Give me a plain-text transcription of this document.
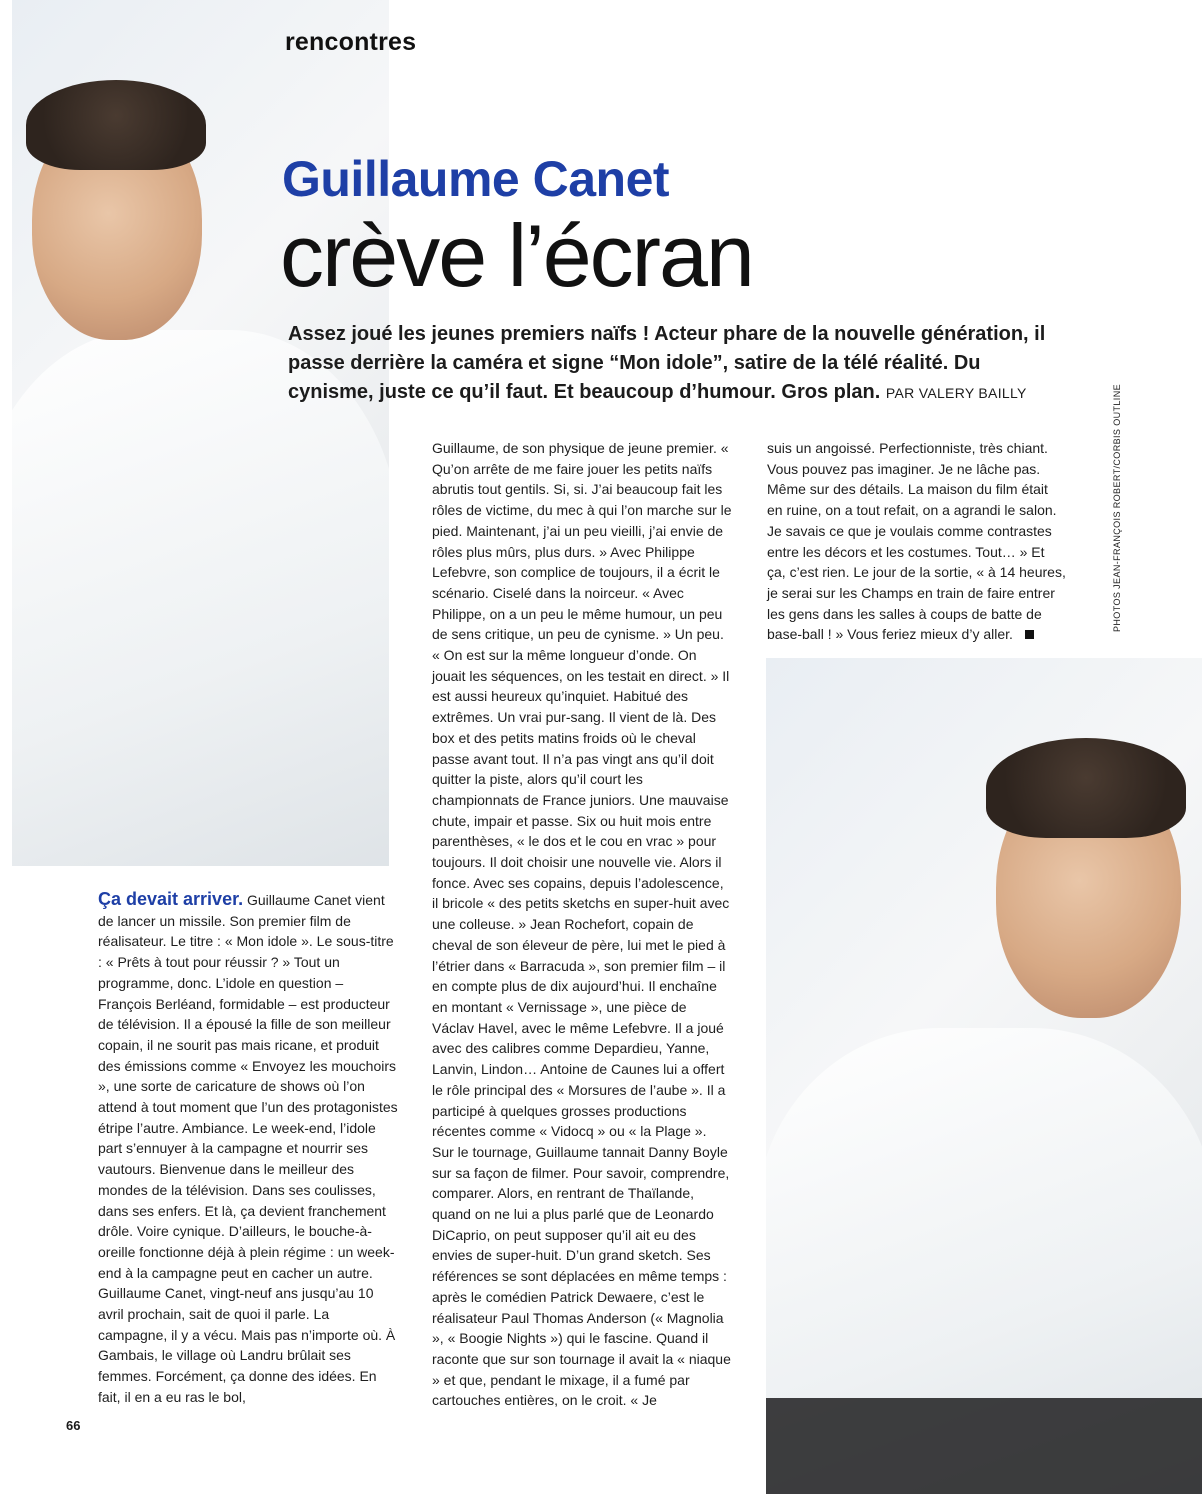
rencontres
Guillaume Canet
crève l’écran
Assez joué les jeunes premiers naïfs ! Acteur phare de la nouvelle génération, il passe derrière la caméra et signe “Mon idole”, satire de la télé réalité. Du cynisme, juste ce qu’il faut. Et beaucoup d’humour. Gros plan. PAR VALERY BAILLY	PHOTOS JEAN-FRANÇOIS ROBERT/CORBIS OUTLINE
Ça devait arriver. Guillaume Canet vient de lancer un missile. Son premier film de réalisateur. Le titre : « Mon idole ». Le sous-titre : « Prêts à tout pour réussir ? » Tout un programme, donc. L’idole en question – François Berléand, formidable – est producteur de télévision. Il a épousé la fille de son meilleur copain, il ne sourit pas mais ricane, et produit des émissions comme « Envoyez les mouchoirs », une sorte de caricature de shows où l’on attend à tout moment que l’un des protagonistes étripe l’autre. Ambiance. Le week-end, l’idole part s’ennuyer à la campagne et nourrir ses vautours. Bienvenue dans le meilleur des mondes de la télévision. Dans ses coulisses, dans ses enfers. Et là, ça devient franchement drôle. Voire cynique. D’ailleurs, le bouche-à-oreille fonctionne déjà à plein régime : un week-end à la campagne peut en cacher un autre. Guillaume Canet, vingt-neuf ans jusqu’au 10 avril prochain, sait de quoi il parle. La campagne, il y a vécu. Mais pas n’importe où. À Gambais, le village où Landru brûlait ses femmes. Forcément, ça donne des idées. En fait, il en a eu ras le bol,
Guillaume, de son physique de jeune premier. « Qu’on arrête de me faire jouer les petits naïfs abrutis tout gentils. Si, si. J’ai beaucoup fait les rôles de victime, du mec à qui l’on marche sur le pied. Maintenant, j’ai un peu vieilli, j’ai envie de rôles plus mûrs, plus durs. » Avec Philippe Lefebvre, son complice de toujours, il a écrit le scénario. Ciselé dans la noirceur. « Avec Philippe, on a un peu le même humour, un peu de sens critique, un peu de cynisme. » Un peu. « On est sur la même longueur d’onde. On jouait les séquences, on les testait en direct. » Il est aussi heureux qu’inquiet. Habitué des extrêmes. Un vrai pur-sang. Il vient de là. Des box et des petits matins froids où le cheval passe avant tout. Il n’a pas vingt ans qu’il doit quitter la piste, alors qu’il court les championnats de France juniors. Une mauvaise chute, impair et passe. Six ou huit mois entre parenthèses, « le dos et le cou en vrac » pour toujours. Il doit choisir une nouvelle vie. Alors il fonce. Avec ses copains, depuis l’adolescence, il bricole « des petits sketchs en super-huit avec une colleuse. » Jean Rochefort, copain de cheval de son éleveur de père, lui met le pied à l’étrier dans « Barracuda », son premier film – il en compte plus de dix aujourd’hui. Il enchaîne en montant « Vernissage », une pièce de Václav Havel, avec le même Lefebvre. Il a joué avec des calibres comme Depardieu, Yanne, Lanvin, Lindon… Antoine de Caunes lui a offert le rôle principal des « Morsures de l’aube ». Il a participé à quelques grosses productions récentes comme « Vidocq » ou « la Plage ». Sur le tournage, Guillaume tannait Danny Boyle sur sa façon de filmer. Pour savoir, comprendre, comparer. Alors, en rentrant de Thaïlande, quand on ne lui a plus parlé que de Leonardo DiCaprio, on peut supposer qu’il ait eu des envies de super-huit. D’un grand sketch. Ses références se sont déplacées en même temps : après le comédien Patrick Dewaere, c’est le réalisateur Paul Thomas Anderson (« Magnolia », « Boogie Nights ») qui le fascine. Quand il raconte que sur son tournage il avait la « niaque » et que, pendant le mixage, il a fumé par cartouches entières, on le croit. « Je
suis un angoissé. Perfectionniste, très chiant. Vous pouvez pas imaginer. Je ne lâche pas. Même sur des détails. La maison du film était en ruine, on a tout refait, on a agrandi le salon. Je savais ce que je voulais comme contrastes entre les décors et les costumes. Tout… » Et ça, c’est rien. Le jour de la sortie, « à 14 heures, je serai sur les Champs en train de faire entrer les gens dans les salles à coups de batte de base-ball ! » Vous feriez mieux d’y aller.
66
